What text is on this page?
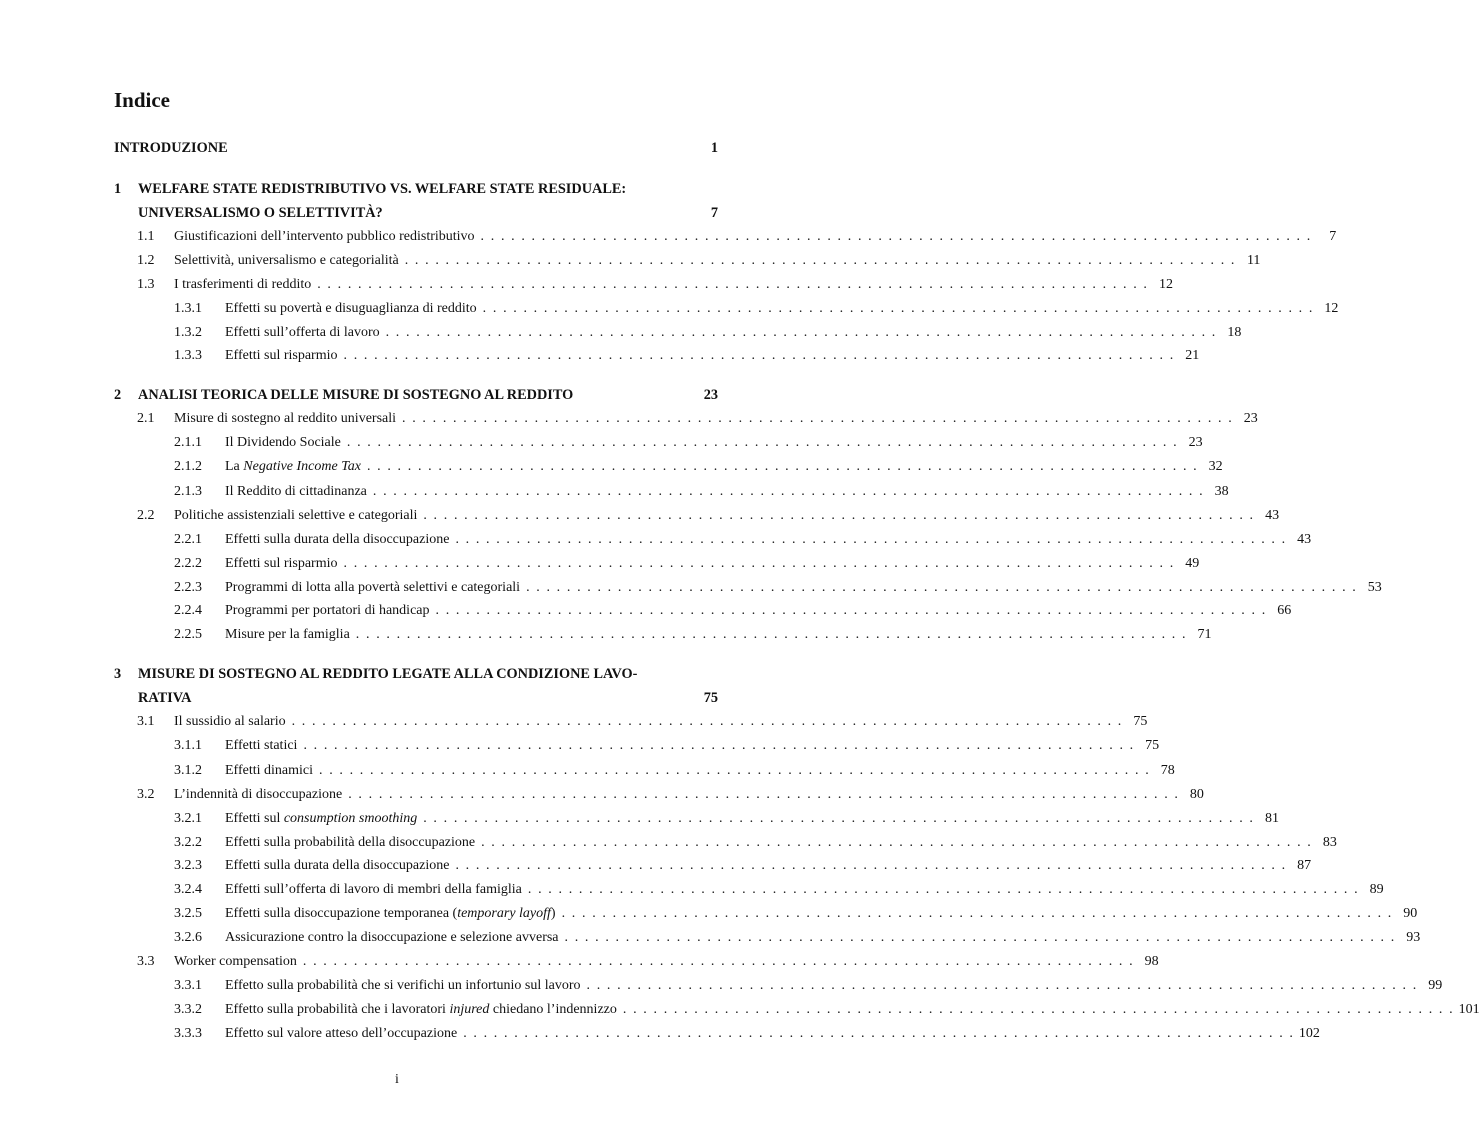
Indice
INTRODUZIONE	1
1	WELFARE STATE REDISTRIBUTIVO VS. WELFARE STATE RESIDUALE:
UNIVERSALISMO O SELETTIVITÀ?	7
1.1	Giustificazioni dell’intervento pubblico redistributivo . . .	7
1.2	Selettività, universalismo e categorialità . . .	11
1.3	I trasferimenti di reddito . . .	12
1.3.1	Effetti su povertà e disuguaglianza di reddito . . .	12
1.3.2	Effetti sull’offerta di lavoro . . .	18
1.3.3	Effetti sul risparmio . . .	21
2	ANALISI TEORICA DELLE MISURE DI SOSTEGNO AL REDDITO	23
2.1	Misure di sostegno al reddito universali . . .	23
2.1.1	Il Dividendo Sociale . . .	23
2.1.2	La Negative Income Tax . . .	32
2.1.3	Il Reddito di cittadinanza . . .	38
2.2	Politiche assistenziali selettive e categoriali . . .	43
2.2.1	Effetti sulla durata della disoccupazione . . .	43
2.2.2	Effetti sul risparmio . . .	49
2.2.3	Programmi di lotta alla povertà selettivi e categoriali . . .	53
2.2.4	Programmi per portatori di handicap . . .	66
2.2.5	Misure per la famiglia . . .	71
3	MISURE DI SOSTEGNO AL REDDITO LEGATE ALLA CONDIZIONE LAVO-
RATIVA	75
3.1	Il sussidio al salario . . .	75
3.1.1	Effetti statici . . .	75
3.1.2	Effetti dinamici . . .	78
3.2	L’indennità di disoccupazione . . .	80
3.2.1	Effetti sul consumption smoothing . . .	81
3.2.2	Effetti sulla probabilità della disoccupazione . . .	83
3.2.3	Effetti sulla durata della disoccupazione . . .	87
3.2.4	Effetti sull’offerta di lavoro di membri della famiglia . . .	89
3.2.5	Effetti sulla disoccupazione temporanea (temporary layoff) . . .	90
3.2.6	Assicurazione contro la disoccupazione e selezione avversa . . .	93
3.3	Worker compensation . . .	98
3.3.1	Effetto sulla probabilità che si verifichi un infortunio sul lavoro . . .	99
3.3.2	Effetto sulla probabilità che i lavoratori injured chiedano l’indennizzo . . .	101
3.3.3	Effetto sul valore atteso dell’occupazione . . .	102
i
